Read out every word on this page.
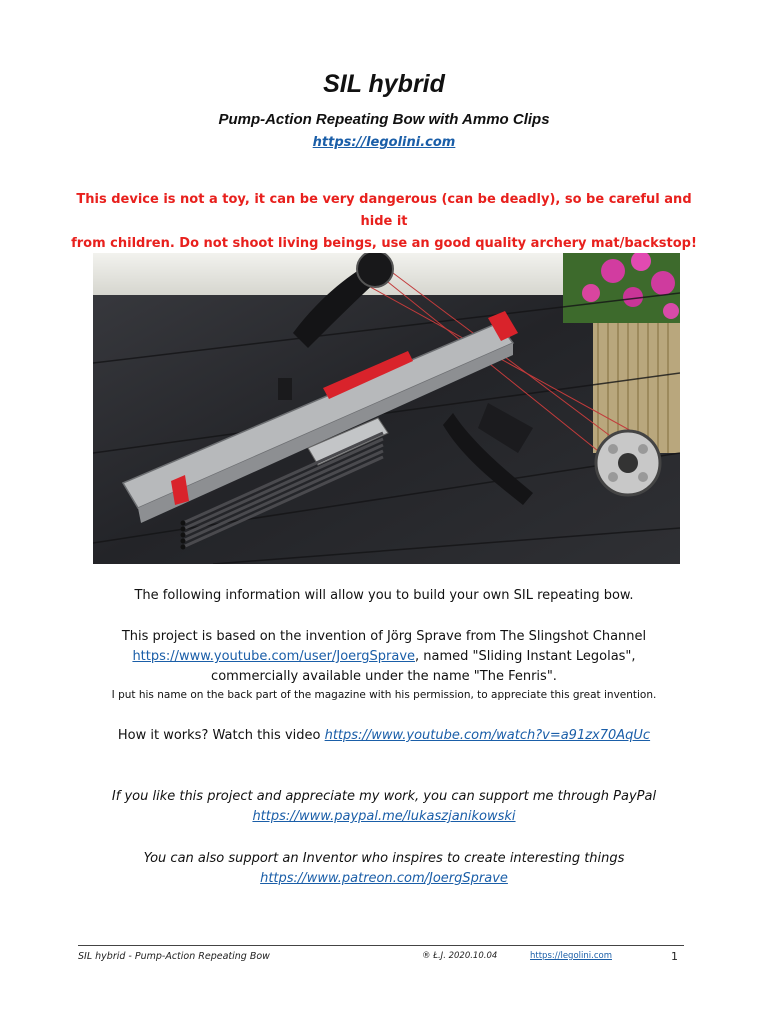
SIL hybrid
Pump-Action Repeating Bow with Ammo Clips
https://legolini.com
This device is not a toy, it can be very dangerous (can be deadly), so be careful and hide it
from children. Do not shoot living beings, use an good quality archery mat/backstop!
The following information will allow you to build your own SIL repeating bow.
This project is based on the invention of Jörg Sprave from The Slingshot Channel
https://www.youtube.com/user/JoergSprave, named "Sliding Instant Legolas",
commercially available under the name "The Fenris".
I put his name on the back part of the magazine with his permission, to appreciate this great invention.
How it works? Watch this video https://www.youtube.com/watch?v=a91zx70AqUc
If you like this project and appreciate my work, you can support me through PayPal
https://www.paypal.me/lukaszjanikowski
You can also support an Inventor who inspires to create interesting things
https://www.patreon.com/JoergSprave
SIL hybrid - Pump-Action Repeating Bow	® Ł.J. 2020.10.04	https://legolini.com	1
